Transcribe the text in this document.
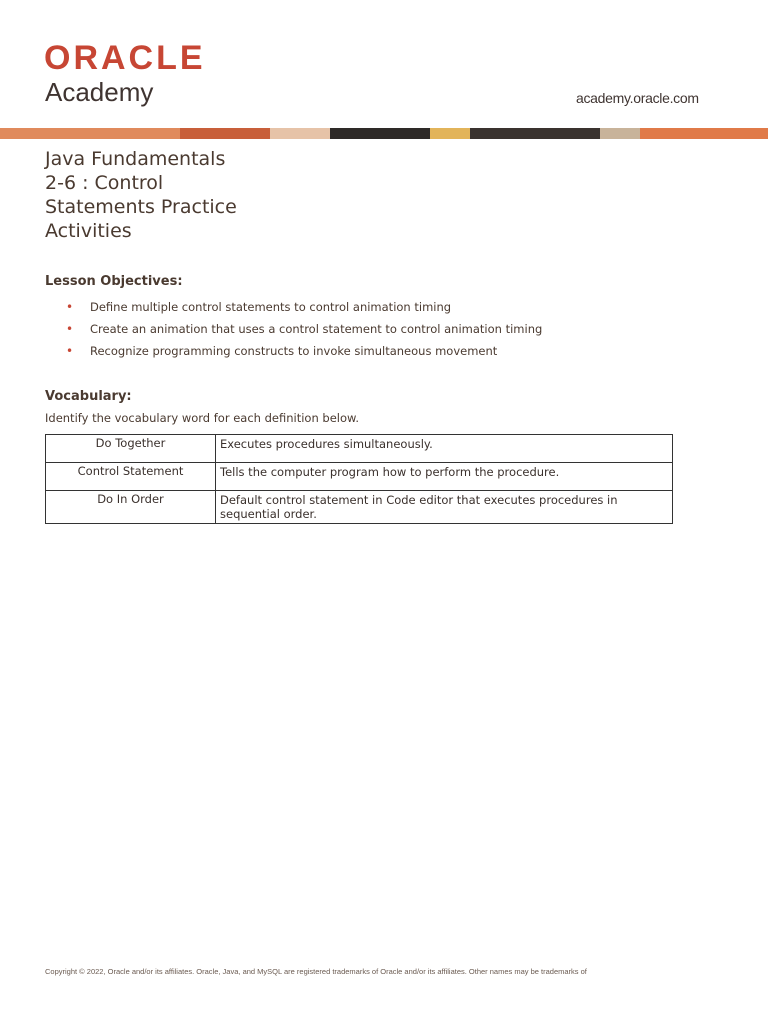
ORACLE
Academy	academy.oracle.com
Java Fundamentals
2-6 : Control
Statements Practice
Activities
Lesson Objectives:
• Define multiple control statements to control animation timing
• Create an animation that uses a control statement to control animation timing
• Recognize programming constructs to invoke simultaneous movement
Vocabulary:
Identify the vocabulary word for each definition below.
Do Together	Executes procedures simultaneously.
Control Statement	Tells the computer program how to perform the procedure.
Do In Order	Default control statement in Code editor that executes procedures in sequential order.
Copyright © 2022, Oracle and/or its affiliates. Oracle, Java, and MySQL are registered trademarks of Oracle and/or its affiliates. Other names may be trademarks of
